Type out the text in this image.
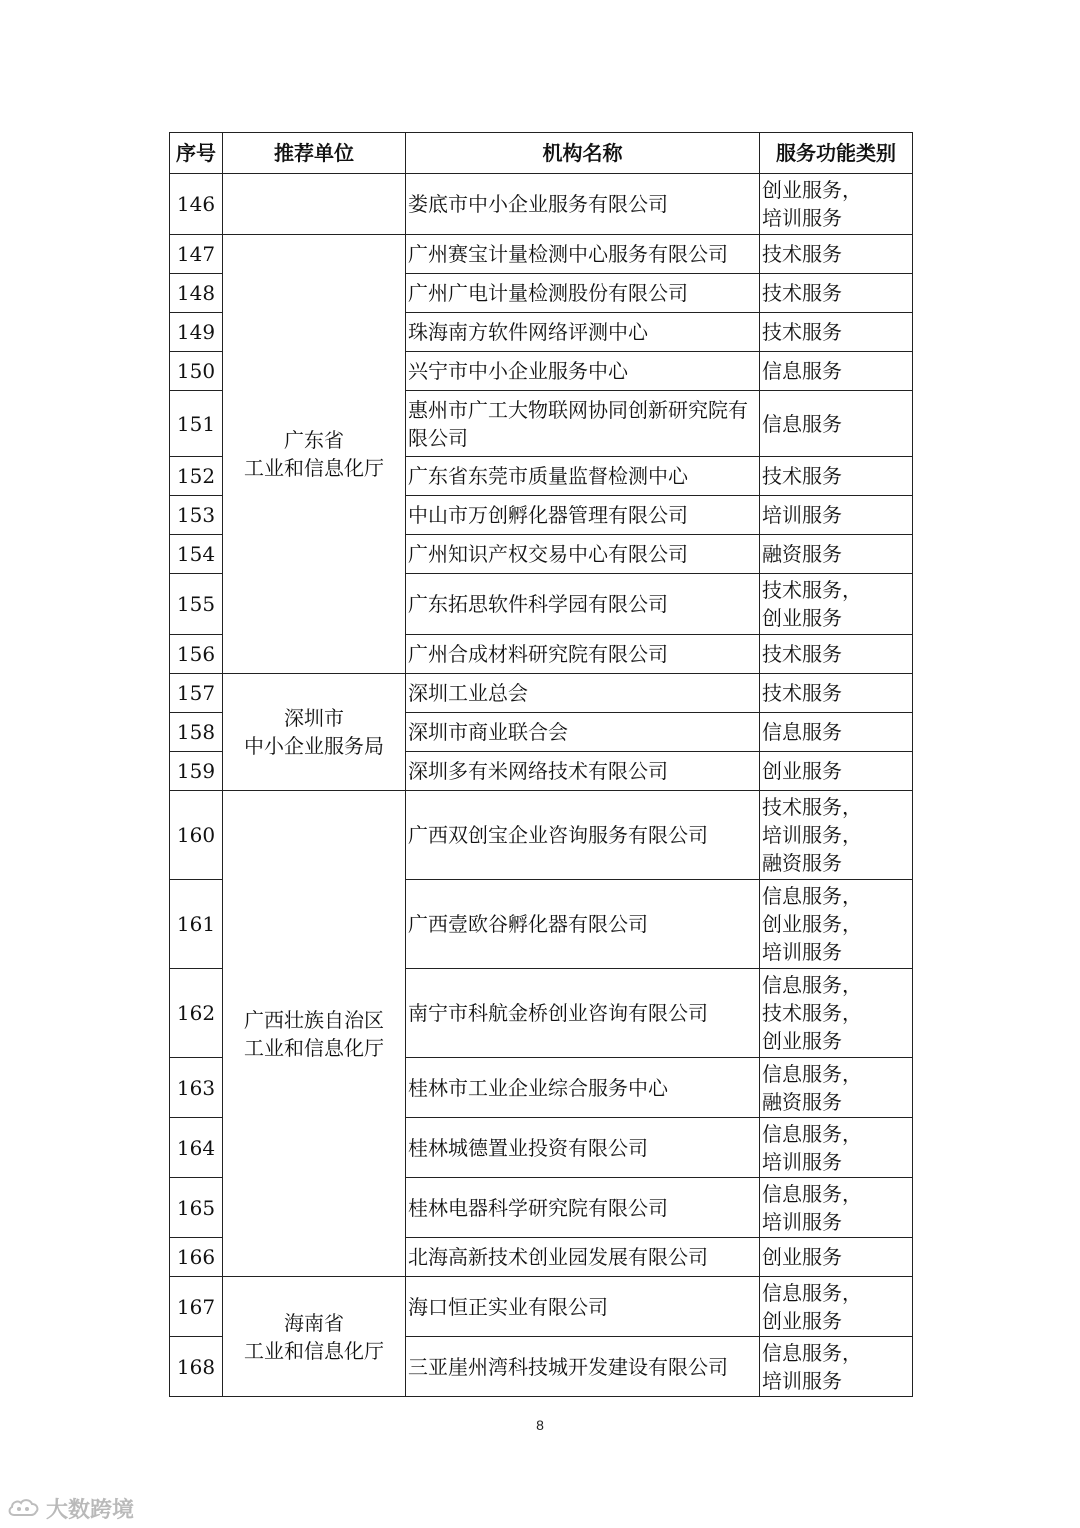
序号	推荐单位	机构名称	服务功能类别
146		娄底市中小企业服务有限公司	创业服务，
培训服务

147	广东省
工业和信息化厅	广州赛宝计量检测中心服务有限公司	技术服务

148		广州广电计量检测股份有限公司	技术服务

149		珠海南方软件网络评测中心	技术服务

150		兴宁市中小企业服务中心	信息服务

151		惠州市广工大物联网协同创新研究院有限公司	信息服务

152		广东省东莞市质量监督检测中心	技术服务

153		中山市万创孵化器管理有限公司	培训服务

154		广州知识产权交易中心有限公司	融资服务

155		广东拓思软件科学园有限公司	技术服务，
创业服务

156		广州合成材料研究院有限公司	技术服务

157	深圳市
中小企业服务局	深圳工业总会	技术服务

158		深圳市商业联合会	信息服务

159		深圳多有米网络技术有限公司	创业服务

160	广西壮族自治区
工业和信息化厅	广西双创宝企业咨询服务有限公司	技术服务，
培训服务，
融资服务

161		广西壹欧谷孵化器有限公司	信息服务，
创业服务，
培训服务

162		南宁市科航金桥创业咨询有限公司	信息服务，
技术服务，
创业服务

163		桂林市工业企业综合服务中心	信息服务，
融资服务

164		桂林城德置业投资有限公司	信息服务，
培训服务

165		桂林电器科学研究院有限公司	信息服务，
培训服务

166		北海高新技术创业园发展有限公司	创业服务

167	海南省
工业和信息化厅	海口恒正实业有限公司	信息服务，
创业服务

168		三亚崖州湾科技城开发建设有限公司	信息服务，
培训服务
8
大数跨境
